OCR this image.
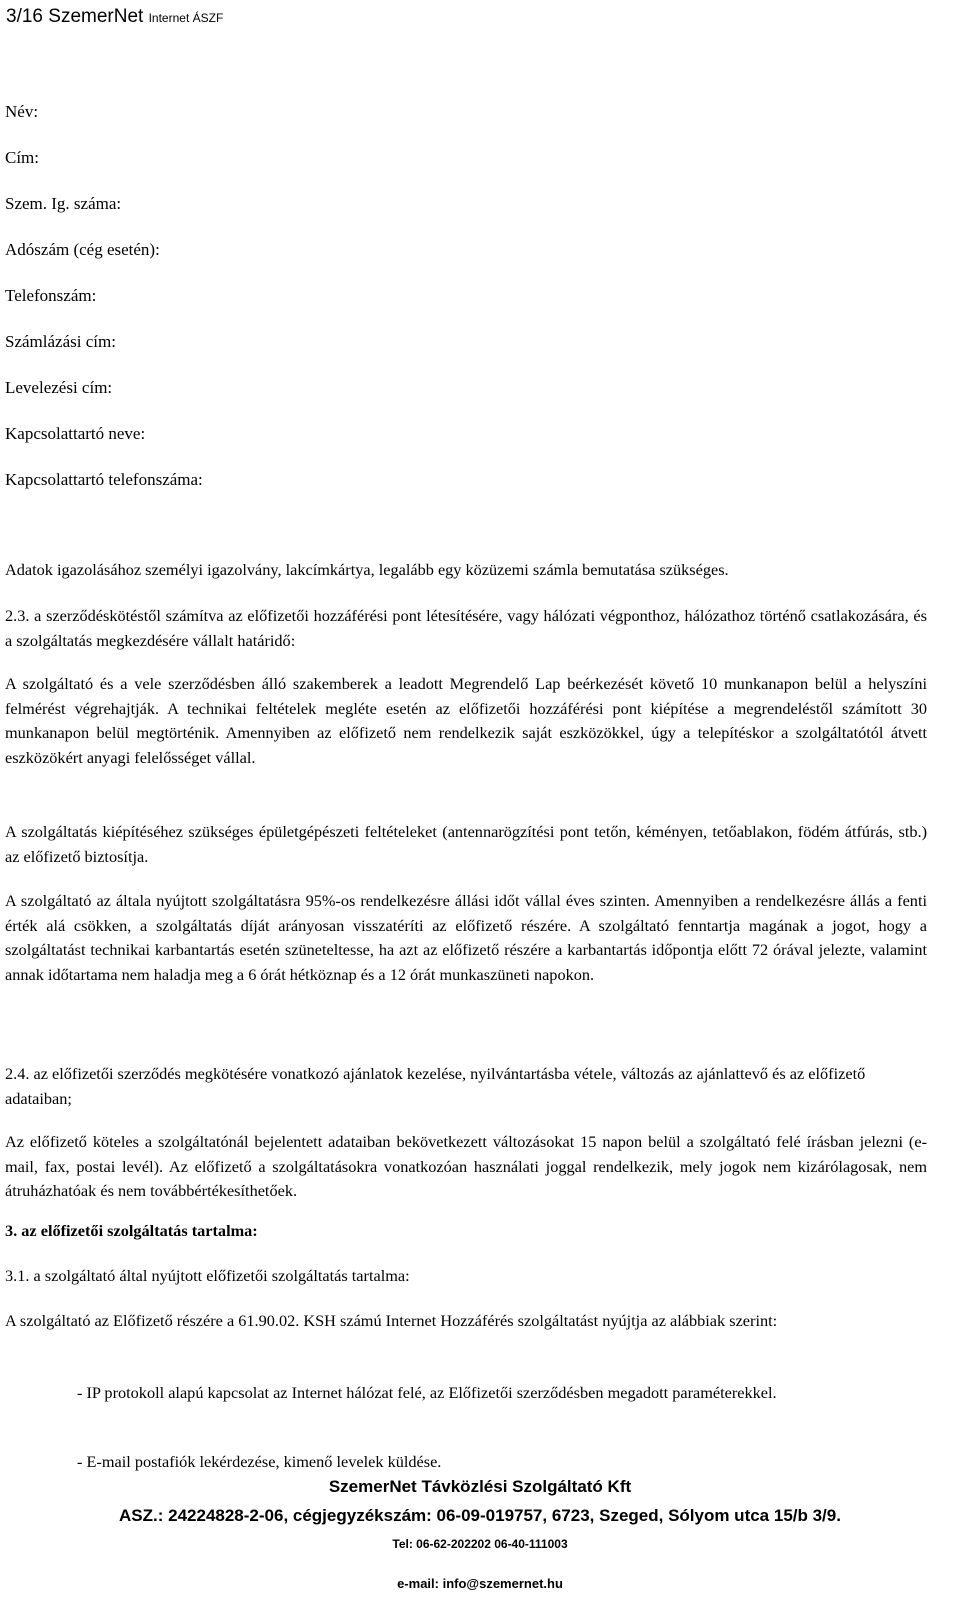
3/16 SzemerNet Internet ÁSZF
Név:
Cím:
Szem. Ig. száma:
Adószám (cég esetén):
Telefonszám:
Számlázási cím:
Levelezési cím:
Kapcsolattartó neve:
Kapcsolattartó telefonszáma:
Adatok igazolásához személyi igazolvány, lakcímkártya, legalább egy közüzemi számla bemutatása szükséges.
2.3. a szerződéskötéstől számítva az előfizetői hozzáférési pont létesítésére, vagy hálózati végponthoz, hálózathoz történő csatlakozására, és a szolgáltatás megkezdésére vállalt határidő:
A szolgáltató és a vele szerződésben álló szakemberek a leadott Megrendelő Lap beérkezését követő 10 munkanapon belül a helyszíni felmérést végrehajtják. A technikai feltételek megléte esetén az előfizetői hozzáférési pont kiépítése a megrendeléstől számított 30 munkanapon belül megtörténik. Amennyiben az előfizető nem rendelkezik saját eszközökkel, úgy a telepítéskor a szolgáltatótól átvett eszközökért anyagi felelősséget vállal.
A szolgáltatás kiépítéséhez szükséges épületgépészeti feltételeket (antennarögzítési pont tetőn, kéményen, tetőablakon, födém átfúrás, stb.) az előfizető biztosítja.
A szolgáltató az általa nyújtott szolgáltatásra 95%-os rendelkezésre állási időt vállal éves szinten. Amennyiben a rendelkezésre állás a fenti érték alá csökken, a szolgáltatás díját arányosan visszatéríti az előfizető részére. A szolgáltató fenntartja magának a jogot, hogy a szolgáltatást technikai karbantartás esetén szüneteltesse, ha azt az előfizető részére a karbantartás időpontja előtt 72 órával jelezte, valamint annak időtartama nem haladja meg a 6 órát hétköznap és a 12 órát munkaszüneti napokon.
2.4. az előfizetői szerződés megkötésére vonatkozó ajánlatok kezelése, nyilvántartásba vétele, változás az ajánlattevő és az előfizető adataiban;
Az előfizető köteles a szolgáltatónál bejelentett adataiban bekövetkezett változásokat 15 napon belül a szolgáltató felé írásban jelezni (e-mail, fax, postai levél). Az előfizető a szolgáltatásokra vonatkozóan használati joggal rendelkezik, mely jogok nem kizárólagosak, nem átruházhatóak és nem továbbértékesíthetőek.
3. az előfizetői szolgáltatás tartalma:
3.1. a szolgáltató által nyújtott előfizetői szolgáltatás tartalma:
A szolgáltató az Előfizető részére a 61.90.02. KSH számú Internet Hozzáférés szolgáltatást nyújtja az alábbiak szerint:
- IP protokoll alapú kapcsolat az Internet hálózat felé, az Előfizetői szerződésben megadott paraméterekkel.
- E-mail postafiók lekérdezése, kimenő levelek küldése.
SzemerNet Távközlési Szolgáltató Kft
ASZ.: 24224828-2-06, cégjegyzékszám: 06-09-019757, 6723, Szeged, Sólyom utca 15/b 3/9.
Tel: 06-62-202202 06-40-111003
e-mail: info@szemernet.hu
